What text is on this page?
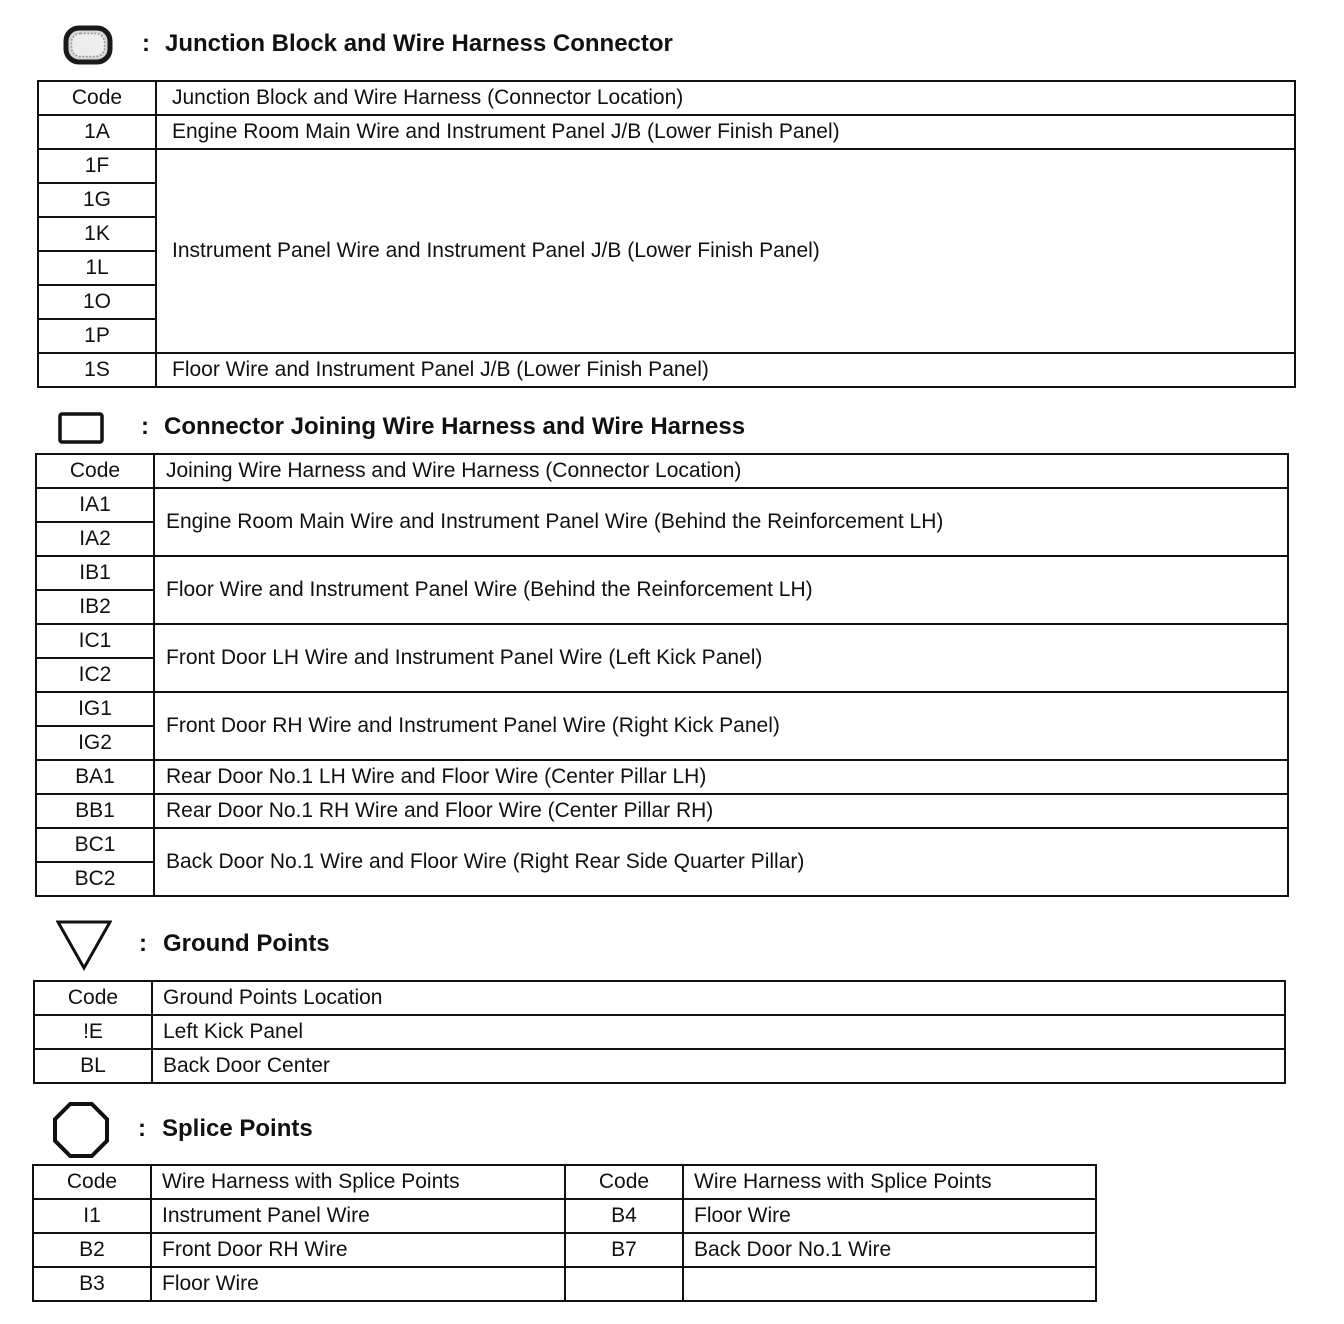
: Junction Block and Wire Harness Connector
Code	Junction Block and Wire Harness (Connector Location)
1A	Engine Room Main Wire and Instrument Panel J/B (Lower Finish Panel)
1F	Instrument Panel Wire and Instrument Panel J/B (Lower Finish Panel)
1G	
1K	
1L	
1O	
1P	
1S	Floor Wire and Instrument Panel J/B (Lower Finish Panel)
: Connector Joining Wire Harness and Wire Harness
Code	Joining Wire Harness and Wire Harness (Connector Location)
IA1	Engine Room Main Wire and Instrument Panel Wire (Behind the Reinforcement LH)
IA2	
IB1	Floor Wire and Instrument Panel Wire (Behind the Reinforcement LH)
IB2	
IC1	Front Door LH Wire and Instrument Panel Wire (Left Kick Panel)
IC2	
IG1	Front Door RH Wire and Instrument Panel Wire (Right Kick Panel)
IG2	
BA1	Rear Door No.1 LH Wire and Floor Wire (Center Pillar LH)
BB1	Rear Door No.1 RH Wire and Floor Wire (Center Pillar RH)
BC1	Back Door No.1 Wire and Floor Wire (Right Rear Side Quarter Pillar)
BC2	
: Ground Points
Code	Ground Points Location
!E	Left Kick Panel
BL	Back Door Center
: Splice Points
Code	Wire Harness with Splice Points	Code	Wire Harness with Splice Points
I1	Instrument Panel Wire	B4	Floor Wire
B2	Front Door RH Wire	B7	Back Door No.1 Wire
B3	Floor Wire		
